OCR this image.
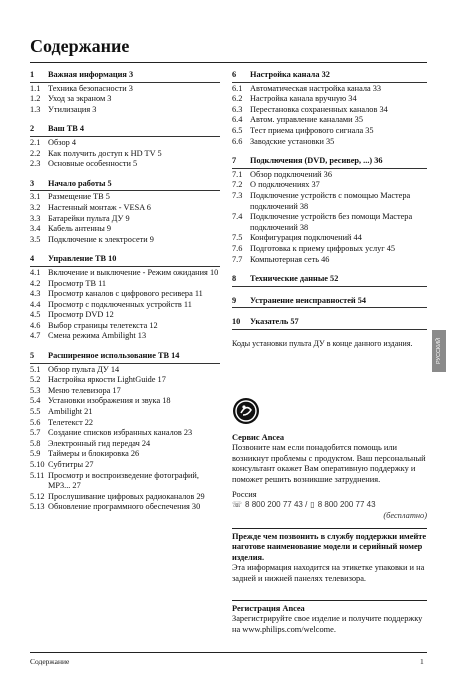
Содержание
1	Важная информация 3
1.1 Техника безопасности 3
1.2 Уход за экраном 3
1.3 Утилизация 3
2	Ваш ТВ 4
2.1 Обзор 4
2.2 Как получить доступ к HD TV 5
2.3 Основные особенности 5
3	Начало работы 5
3.1 Размещение ТВ 5
3.2 Настенный монтаж - VESA 6
3.3 Батарейки пульта ДУ 9
3.4 Кабель антенны 9
3.5 Подключение к электросети 9
4	Управление ТВ 10
4.1 Включение и выключение - Режим ожидания 10
4.2 Просмотр ТВ 11
4.3 Просмотр каналов с цифрового ресивера 11
4.4 Просмотр с подключенных устройств 11
4.5 Просмотр DVD 12
4.6 Выбор страницы телетекста 12
4.7 Смена режима Ambilight 13
5	Расширенное использование ТВ 14
5.1 Обзор пульта ДУ 14
5.2 Настройка яркости LightGuide 17
5.3 Меню телевизора 17
5.4 Установки изображения и звука 18
5.5 Ambilight 21
5.6 Телетекст 22
5.7 Создание списков избранных каналов 23
5.8 Электронный гид передач 24
5.9 Таймеры и блокировка 26
5.10 Субтитры 27
5.11 Просмотр и воспроизведение фотографий, MP3... 27
5.12 Прослушивание цифровых радиоканалов 29
5.13 Обновление программного обеспечения 30
6	Настройка канала 32
6.1 Автоматическая настройка канала 33
6.2 Настройка канала вручную 34
6.3 Перестановка сохраненных каналов 34
6.4 Автом. управление каналами 35
6.5 Тест приема цифрового сигнала 35
6.6 Заводские установки 35
7	Подключения (DVD, ресивер, ...) 36
7.1 Обзор подключений 36
7.2 О подключениях 37
7.3 Подключение устройств с помощью Мастера подключений 38
7.4 Подключение устройств без помощи Мастера подключений 38
7.5 Конфигурация подключений 44
7.6 Подготовка к приему цифровых услуг 45
7.7 Компьютерная сеть 46
8	Технические данные 52
9	Устранение неисправностей 54
10	Указатель 57
Коды установки пульта ДУ в конце данного издания.	РУССКИЙ
Сервис Ancea
Позвоните нам если понадобится помощь или возникнут проблемы с продуктом. Ваш персональный консультант окажет Вам оперативную поддержку и поможет решить возникшие затруднения.
Россия
☏ 8 800 200 77 43 / ▯ 8 800 200 77 43
(бесплатно)
Прежде чем позвонить в службу поддержки имейте наготове наименование модели и серийный номер изделия.
Эта информация находится на этикетке упаковки и на задней и нижней панелях телевизора.
Регистрация Ancea
Зарегистрируйте свое изделие и получите поддержку на www.philips.com/welcome.
Содержание	1
